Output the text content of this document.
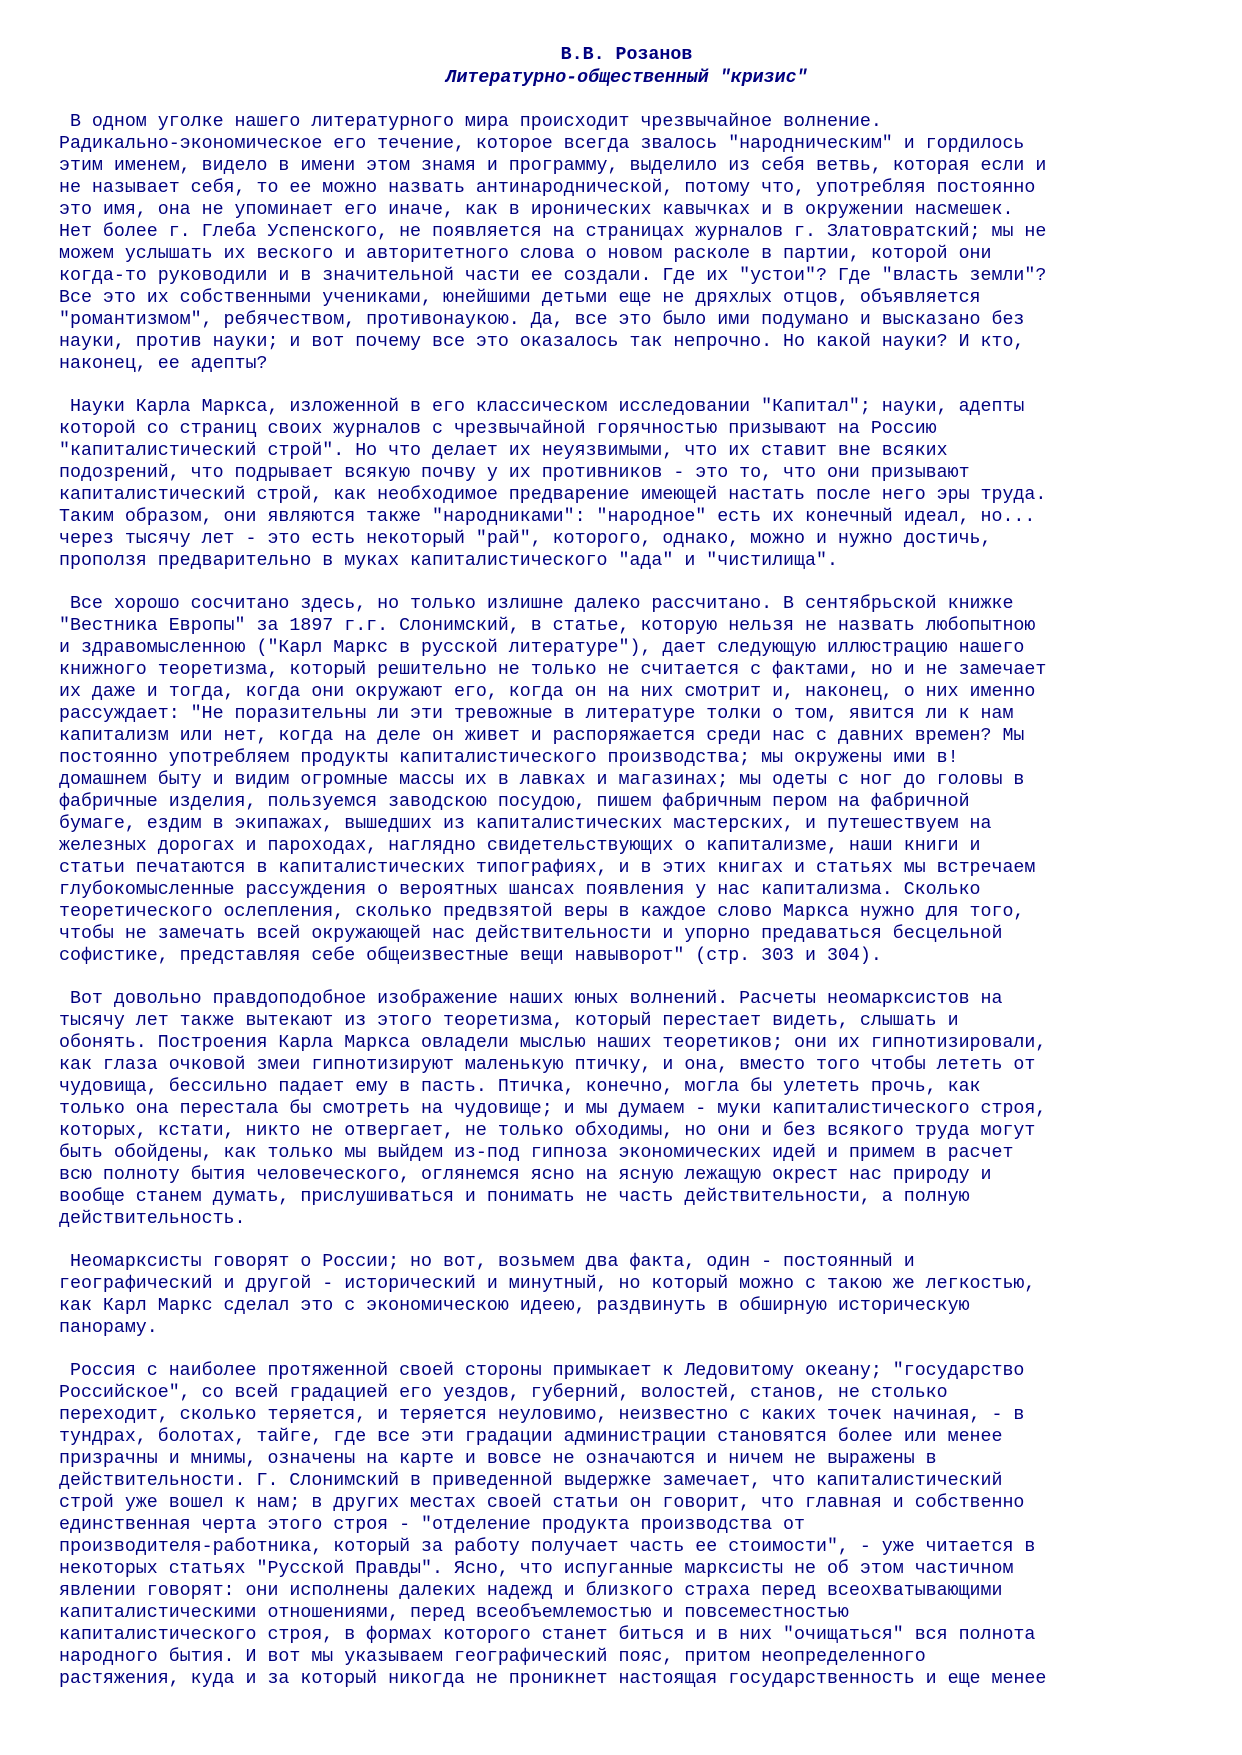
В.В. Розанов

Литературно-общественный "кризис"

В одном уголке нашего литературного мира происходит чрезвычайное волнение.
Радикально-экономическое его течение, которое всегда звалось "народническим" и гордилось
этим именем, видело в имени этом знамя и программу, выделило из себя ветвь, которая если и
не называет себя, то ее можно назвать антинароднической, потому что, употребляя постоянно
это имя, она не упоминает его иначе, как в иронических кавычках и в окружении насмешек.
Нет более г. Глеба Успенского, не появляется на страницах журналов г. Златовратский; мы не
можем услышать их веского и авторитетного слова о новом расколе в партии, которой они
когда-то руководили и в значительной части ее создали. Где их "устои"? Где "власть земли"?
Все это их собственными учениками, юнейшими детьми еще не дряхлых отцов, объявляется
"романтизмом", ребячеством, противонаукою. Да, все это было ими подумано и высказано без
науки, против науки; и вот почему все это оказалось так непрочно. Но какой науки? И кто,
наконец, ее адепты?
Науки Карла Маркса, изложенной в его классическом исследовании "Капитал"; науки, адепты
которой со страниц своих журналов с чрезвычайной горячностью призывают на Россию
"капиталистический строй". Но что делает их неуязвимыми, что их ставит вне всяких
подозрений, что подрывает всякую почву у их противников - это то, что они призывают
капиталистический строй, как необходимое предварение имеющей настать после него эры труда.
Таким образом, они являются также "народниками": "народное" есть их конечный идеал, но...
через тысячу лет - это есть некоторый "рай", которого, однако, можно и нужно достичь,
проползя предварительно в муках капиталистического "ада" и "чистилища".
Все хорошо сосчитано здесь, но только излишне далеко рассчитано. В сентябрьской книжке
"Вестника Европы" за 1897 г.г. Слонимский, в статье, которую нельзя не назвать любопытною
и здравомысленною ("Карл Маркс в русской литературе"), дает следующую иллюстрацию нашего
книжного теоретизма, который решительно не только не считается с фактами, но и не замечает
их даже и тогда, когда они окружают его, когда он на них смотрит и, наконец, о них именно
рассуждает: "Не поразительны ли эти тревожные в литературе толки о том, явится ли к нам
капитализм или нет, когда на деле он живет и распоряжается среди нас с давних времен? Мы
постоянно употребляем продукты капиталистического производства; мы окружены ими в!
домашнем быту и видим огромные массы их в лавках и магазинах; мы одеты с ног до головы в
фабричные изделия, пользуемся заводскою посудою, пишем фабричным пером на фабричной
бумаге, ездим в экипажах, вышедших из капиталистических мастерских, и путешествуем на
железных дорогах и пароходах, наглядно свидетельствующих о капитализме, наши книги и
статьи печатаются в капиталистических типографиях, и в этих книгах и статьях мы встречаем
глубокомысленные рассуждения о вероятных шансах появления у нас капитализма. Сколько
теоретического ослепления, сколько предвзятой веры в каждое слово Маркса нужно для того,
чтобы не замечать всей окружающей нас действительности и упорно предаваться бесцельной
софистике, представляя себе общеизвестные вещи навыворот" (стр. 303 и 304).
Вот довольно правдоподобное изображение наших юных волнений. Расчеты неомарксистов на
тысячу лет также вытекают из этого теоретизма, который перестает видеть, слышать и
обонять. Построения Карла Маркса овладели мыслью наших теоретиков; они их гипнотизировали,
как глаза очковой змеи гипнотизируют маленькую птичку, и она, вместо того чтобы лететь от
чудовища, бессильно падает ему в пасть. Птичка, конечно, могла бы улететь прочь, как
только она перестала бы смотреть на чудовище; и мы думаем - муки капиталистического строя,
которых, кстати, никто не отвергает, не только обходимы, но они и без всякого труда могут
быть обойдены, как только мы выйдем из-под гипноза экономических идей и примем в расчет
всю полноту бытия человеческого, оглянемся ясно на ясную лежащую окрест нас природу и
вообще станем думать, прислушиваться и понимать не часть действительности, а полную
действительность.
Неомарксисты говорят о России; но вот, возьмем два факта, один - постоянный и
географический и другой - исторический и минутный, но который можно с такою же легкостью,
как Карл Маркс сделал это с экономическою идеею, раздвинуть в обширную историческую
панораму.
Россия с наиболее протяженной своей стороны примыкает к Ледовитому океану; "государство
Российское", со всей градацией его уездов, губерний, волостей, станов, не столько
переходит, сколько теряется, и теряется неуловимо, неизвестно с каких точек начиная, - в
тундрах, болотах, тайге, где все эти градации администрации становятся более или менее
призрачны и мнимы, означены на карте и вовсе не означаются и ничем не выражены в
действительности. Г. Слонимский в приведенной выдержке замечает, что капиталистический
строй уже вошел к нам; в других местах своей статьи он говорит, что главная и собственно
единственная черта этого строя - "отделение продукта производства от
производителя-работника, который за работу получает часть ее стоимости", - уже читается в
некоторых статьях "Русской Правды". Ясно, что испуганные марксисты не об этом частичном
явлении говорят: они исполнены далеких надежд и близкого страха перед всеохватывающими
капиталистическими отношениями, перед всеобъемлемостью и повсеместностью
капиталистического строя, в формах которого станет биться и в них "очищаться" вся полнота
народного бытия. И вот мы указываем географический пояс, притом неопределенного
растяжения, куда и за который никогда не проникнет настоящая государственность и еще менее
